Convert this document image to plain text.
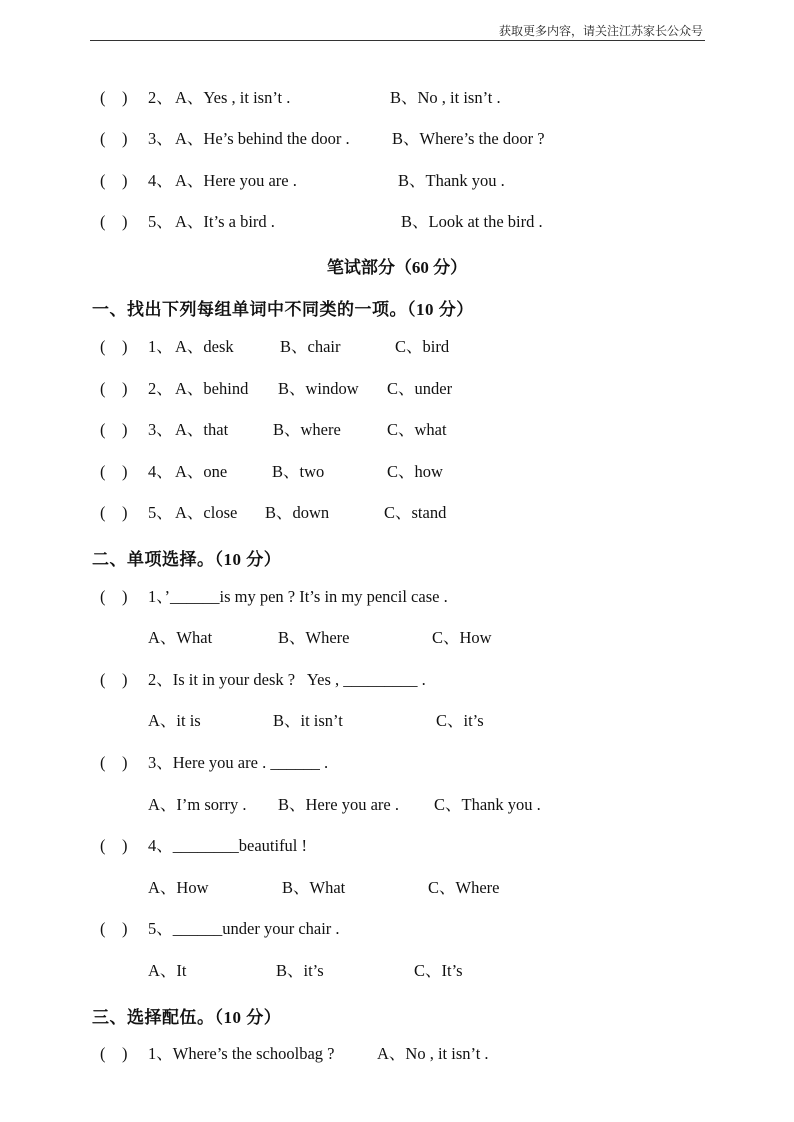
获取更多内容，请关注江苏家长公众号
(    ) 2、 A、Yes , it isn’t .	B、No , it isn’t .
(    ) 3、 A、He’s behind the door .	B、Where’s the door ?
(    ) 4、 A、Here you are .	B、Thank you .
(    ) 5、 A、It’s a bird .	B、Look at the bird .
笔试部分（60 分）
一、找出下列每组单词中不同类的一项。（10 分）
(    ) 1、 A、desk	B、chair	C、bird
(    ) 2、 A、behind B、window C、under
(    ) 3、 A、that	B、where	C、what
(    ) 4、 A、one	B、two	C、how
(    ) 5、 A、close B、down	C、stand
二、单项选择。（10 分）
(    ) 1、’______is my pen ? It’s in my pencil case .
A、What	B、Where	C、How
(    ) 2、Is it in your desk ?   Yes , _________ .
A、it is	B、it isn’t	C、it’s
(    ) 3、Here you are . ______ .
A、I’m sorry . B、Here you are . C、Thank you .
(    ) 4、________beautiful !
A、How	B、What	C、Where
(    ) 5、______under your chair .
A、It	B、it’s	C、It’s
三、选择配伍。（10 分）
(    ) 1、Where’s the schoolbag ?	A、No , it isn’t .
